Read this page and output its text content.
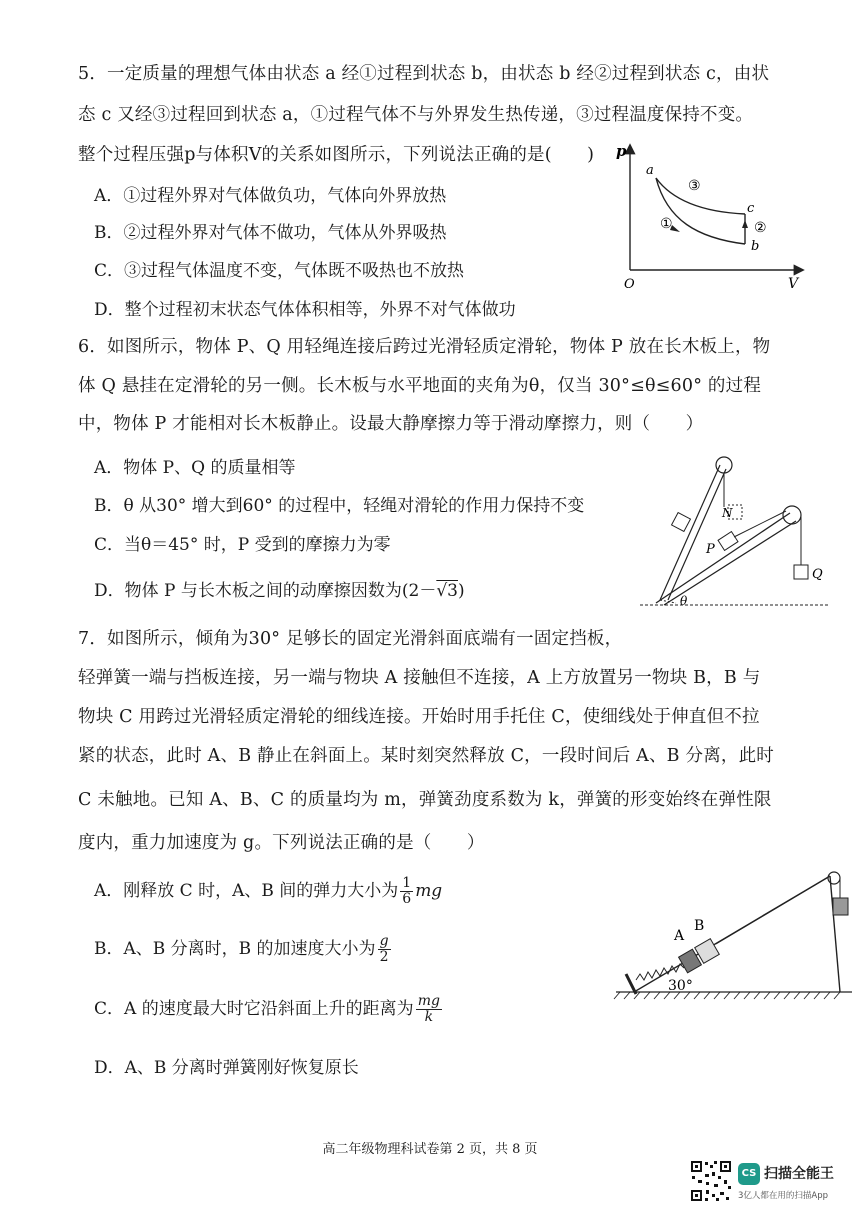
5．一定质量的理想气体由状态 a 经①过程到状态 b，由状态 b 经②过程到状态 c，由状
态 c 又经③过程回到状态 a，①过程气体不与外界发生热传递，③过程温度保持不变。
整个过程压强p与体积V的关系如图所示，下列说法正确的是(　　)
A．①过程外界对气体做负功，气体向外界放热
B．②过程外界对气体不做功，气体从外界吸热
C．③过程气体温度不变，气体既不吸热也不放热
D．整个过程初末状态气体体积相等，外界不对气体做功
p
V
O
a
c
b
①	②
③
6．如图所示，物体 P、Q 用轻绳连接后跨过光滑轻质定滑轮，物体 P 放在长木板上，物
体 Q 悬挂在定滑轮的另一侧。长木板与水平地面的夹角为θ，仅当 30°≤θ≤60° 的过程
中，物体 P 才能相对长木板静止。设最大静摩擦力等于滑动摩擦力，则（　　）
A．物体 P、Q 的质量相等
B．θ 从30° 增大到60° 的过程中，轻绳对滑轮的作用力保持不变
C．当θ＝45° 时，P 受到的摩擦力为零
D．物体 P 与长木板之间的动摩擦因数为(2－√3)
P
Q
N
θ
7．如图所示，倾角为30° 足够长的固定光滑斜面底端有一固定挡板，
轻弹簧一端与挡板连接，另一端与物块 A 接触但不连接，A 上方放置另一物块 B，B 与
物块 C 用跨过光滑轻质定滑轮的细线连接。开始时用手托住 C，使细线处于伸直但不拉
紧的状态，此时 A、B 静止在斜面上。某时刻突然释放 C，一段时间后 A、B 分离，此时
C 未触地。已知 A、B、C 的质量均为 m，弹簧劲度系数为 k，弹簧的形变始终在弹性限
度内，重力加速度为 g。下列说法正确的是（　　）
A．刚释放 C 时，A、B 间的弹力大小为 $\frac{1}{6}$ mg
B．A、B 分离时，B 的加速度大小为 $\frac{g}{2}$
C．A 的速度最大时它沿斜面上升的距离为 $\frac{mg}{k}$
D．A、B 分离时弹簧刚好恢复原长
A
B
30°
高二年级物理科试卷第 2 页，共 8 页
CS 扫描全能王
3亿人都在用的扫描App
